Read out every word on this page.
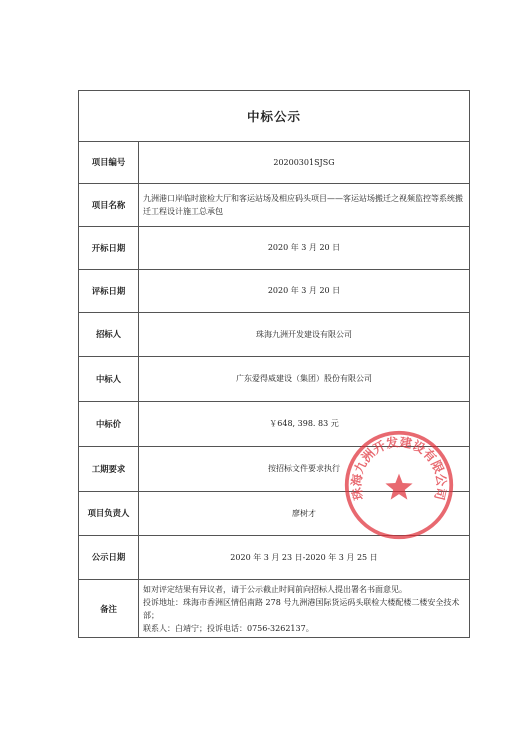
中标公示
项目编号	20200301SJSG
项目名称	九洲港口岸临时旅检大厅和客运站场及相应码头项目——客运站场搬迁之视频监控等系统搬迁工程设计施工总承包
开标日期	2020 年 3 月 20 日
评标日期	2020 年 3 月 20 日
招标人	珠海九洲开发建设有限公司
中标人	广东爱得威建设（集团）股份有限公司
中标价	￥648, 398. 83 元
工期要求	按招标文件要求执行
项目负责人	廖树才
公示日期	2020 年 3 月 23 日-2020 年 3 月 25 日
备注	如对评定结果有异议者，请于公示截止时间前向招标人提出署名书面意见。
投诉地址：珠海市香洲区情侣南路 278 号九洲港国际货运码头联检大楼配楼二楼安全技术部；
联系人：白靖宁；投诉电话：0756-3262137。
珠海九洲开发建设有限公司
